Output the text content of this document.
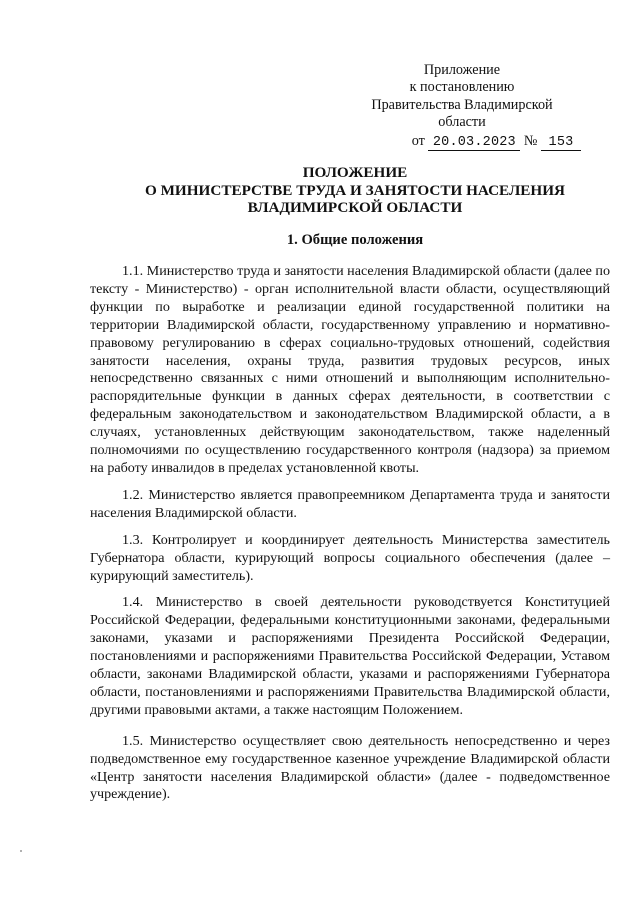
Приложение
к постановлению
Правительства Владимирской
области
от 20.03.2023 № 153
ПОЛОЖЕНИЕ
О МИНИСТЕРСТВЕ ТРУДА И ЗАНЯТОСТИ НАСЕЛЕНИЯ
ВЛАДИМИРСКОЙ ОБЛАСТИ
1. Общие положения

1.1. Министерство труда и занятости населения Владимирской области (далее по тексту - Министерство) - орган исполнительной власти области, осуществляющий функции по выработке и реализации единой государственной политики на территории Владимирской области, государственному управлению и нормативно-правовому регулированию в сферах социально-трудовых отношений, содействия занятости населения, охраны труда, развития трудовых ресурсов, иных непосредственно связанных с ними отношений и выполняющим исполнительно-распорядительные функции в данных сферах деятельности, в соответствии с федеральным законодательством и законодательством Владимирской области, а в случаях, установленных действующим законодательством, также наделенный полномочиями по осуществлению государственного контроля (надзора) за приемом на работу инвалидов в пределах установленной квоты.

1.2. Министерство является правопреемником Департамента труда и занятости населения Владимирской области.

1.3. Контролирует и координирует деятельность Министерства заместитель Губернатора области, курирующий вопросы социального обеспечения (далее – курирующий заместитель).

1.4. Министерство в своей деятельности руководствуется Конституцией Российской Федерации, федеральными конституционными законами, федеральными законами, указами и распоряжениями Президента Российской Федерации, постановлениями и распоряжениями Правительства Российской Федерации, Уставом области, законами Владимирской области, указами и распоряжениями Губернатора области, постановлениями и распоряжениями Правительства Владимирской области, другими правовыми актами, а также настоящим Положением.

1.5. Министерство осуществляет свою деятельность непосредственно и через подведомственное ему государственное казенное учреждение Владимирской области «Центр занятости населения Владимирской области» (далее - подведомственное учреждение).
